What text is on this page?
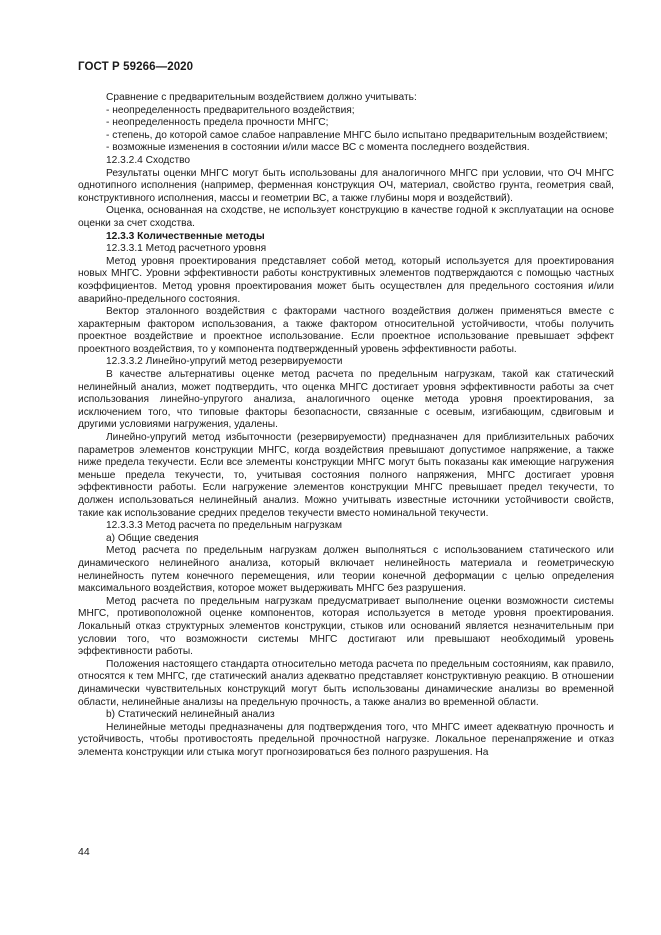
ГОСТ Р 59266—2020

Сравнение с предварительным воздействием должно учитывать:

- неопределенность предварительного воздействия;

- неопределенность предела прочности МНГС;

- степень, до которой самое слабое направление МНГС было испытано предварительным воздействием;

- возможные изменения в состоянии и/или массе ВС с момента последнего воздействия.

12.3.2.4 Сходство

Результаты оценки МНГС могут быть использованы для аналогичного МНГС при условии, что ОЧ МНГС однотипного исполнения (например, ферменная конструкция ОЧ, материал, свойство грунта, геометрия свай, конструктивного исполнения, массы и геометрии ВС, а также глубины моря и воздействий).

Оценка, основанная на сходстве, не использует конструкцию в качестве годной к эксплуатации на основе оценки за счет сходства.

12.3.3 Количественные методы

12.3.3.1 Метод расчетного уровня

Метод уровня проектирования представляет собой метод, который используется для проектирования новых МНГС. Уровни эффективности работы конструктивных элементов подтверждаются с помощью частных коэффициентов. Метод уровня проектирования может быть осуществлен для предельного состояния и/или аварийно-предельного состояния.

Вектор эталонного воздействия с факторами частного воздействия должен применяться вместе с характерным фактором использования, а также фактором относительной устойчивости, чтобы получить проектное воздействие и проектное использование. Если проектное использование превышает эффект проектного воздействия, то у компонента подтвержденный уровень эффективности работы.

12.3.3.2 Линейно-упругий метод резервируемости

В качестве альтернативы оценке метод расчета по предельным нагрузкам, такой как статический нелинейный анализ, может подтвердить, что оценка МНГС достигает уровня эффективности работы за счет использования линейно-упругого анализа, аналогичного оценке метода уровня проектирования, за исключением того, что типовые факторы безопасности, связанные с осевым, изгибающим, сдвиговым и другими условиями нагружения, удалены.

Линейно-упругий метод избыточности (резервируемости) предназначен для приблизительных рабочих параметров элементов конструкции МНГС, когда воздействия превышают допустимое напряжение, а также ниже предела текучести. Если все элементы конструкции МНГС могут быть показаны как имеющие нагружения меньше предела текучести, то, учитывая состояния полного напряжения, МНГС достигает уровня эффективности работы. Если нагружение элементов конструкции МНГС превышает предел текучести, то должен использоваться нелинейный анализ. Можно учитывать известные источники устойчивости свойств, такие как использование средних пределов текучести вместо номинальной текучести.

12.3.3.3 Метод расчета по предельным нагрузкам

а) Общие сведения

Метод расчета по предельным нагрузкам должен выполняться с использованием статического или динамического нелинейного анализа, который включает нелинейность материала и геометрическую нелинейность путем конечного перемещения, или теории конечной деформации с целью определения максимального воздействия, которое может выдерживать МНГС без разрушения.

Метод расчета по предельным нагрузкам предусматривает выполнение оценки возможности системы МНГС, противоположной оценке компонентов, которая используется в методе уровня проектирования. Локальный отказ структурных элементов конструкции, стыков или оснований является незначительным при условии того, что возможности системы МНГС достигают или превышают необходимый уровень эффективности работы.

Положения настоящего стандарта относительно метода расчета по предельным состояниям, как правило, относятся к тем МНГС, где статический анализ адекватно представляет конструктивную реакцию. В отношении динамически чувствительных конструкций могут быть использованы динамические анализы во временной области, нелинейные анализы на предельную прочность, а также анализ во временной области.

b) Статический нелинейный анализ

Нелинейные методы предназначены для подтверждения того, что МНГС имеет адекватную прочность и устойчивость, чтобы противостоять предельной прочностной нагрузке. Локальное перенапряжение и отказ элемента конструкции или стыка могут прогнозироваться без полного разрушения. На

44
